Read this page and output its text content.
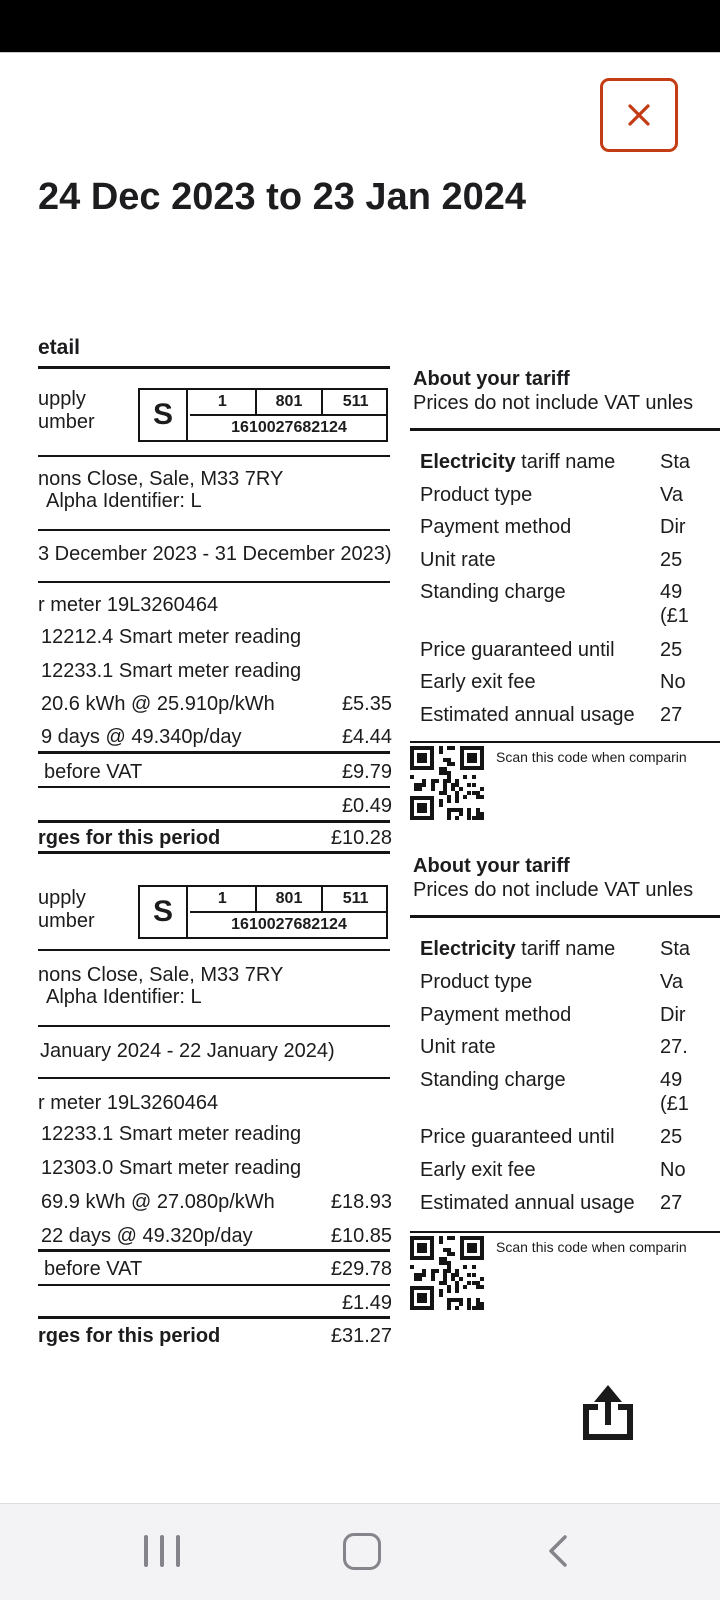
24 Dec 2023 to 23 Jan 2024
etail
upply
umber	S	1	801	511
1610027682124
nons Close, Sale, M33 7RY
Alpha Identifier: L
3 December 2023 - 31 December 2023)
r meter 19L3260464
12212.4 Smart meter reading
12233.1 Smart meter reading
20.6 kWh @ 25.910p/kWh	£5.35
9 days @ 49.340p/day	£4.44
before VAT	£9.79
£0.49
rges for this period	£10.28
About your tariff
Prices do not include VAT unles
Electricity tariff name Sta
Product type	Va
Payment method	Dir
Unit rate	25
Standing charge	49
(£1
Price guaranteed until 25
Early exit fee	No
Estimated annual usage 27
Scan this code when comparin
upply
umber	S	1	801	511
1610027682124
nons Close, Sale, M33 7RY
Alpha Identifier: L
January 2024 - 22 January 2024)
r meter 19L3260464
12233.1 Smart meter reading
12303.0 Smart meter reading
69.9 kWh @ 27.080p/kWh	£18.93
22 days @ 49.320p/day	£10.85
before VAT	£29.78
£1.49
rges for this period	£31.27
About your tariff
Prices do not include VAT unles
Electricity tariff name Sta
Product type	Va
Payment method	Dir
Unit rate	27.
Standing charge	49
(£1
Price guaranteed until 25
Early exit fee	No
Estimated annual usage 27
Scan this code when comparin
